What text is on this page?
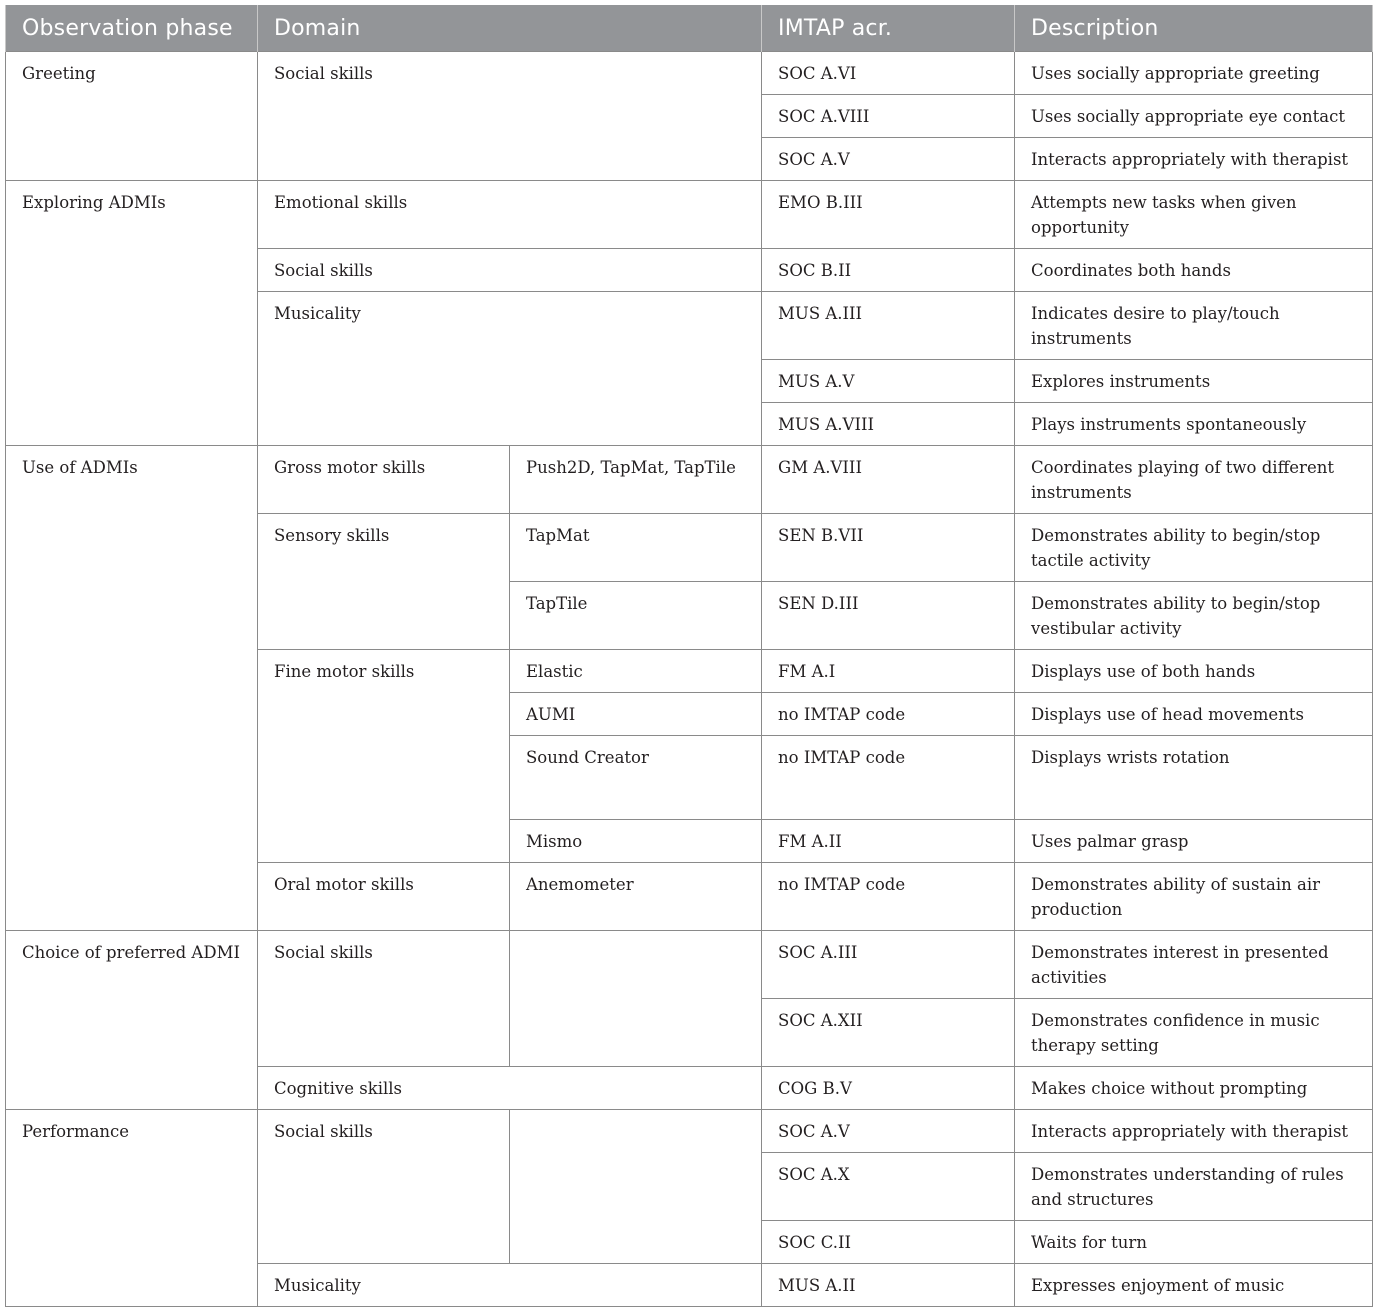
Observation phase	Domain		IMTAP acr.	Description
Greeting	Social skills		SOC A.VI	Uses socially appropriate greeting
			SOC A.VIII	Uses socially appropriate eye contact
			SOC A.V	Interacts appropriately with therapist
Exploring ADMIs	Emotional skills		EMO B.III	Attempts new tasks when given opportunity
	Social skills		SOC B.II	Coordinates both hands
	Musicality		MUS A.III	Indicates desire to play/touch instruments
			MUS A.V	Explores instruments
			MUS A.VIII	Plays instruments spontaneously
Use of ADMIs	Gross motor skills	Push2D, TapMat, TapTile	GM A.VIII	Coordinates playing of two different instruments
	Sensory skills	TapMat	SEN B.VII	Demonstrates ability to begin/stop tactile activity
		TapTile	SEN D.III	Demonstrates ability to begin/stop vestibular activity
	Fine motor skills	Elastic	FM A.I	Displays use of both hands
		AUMI	no IMTAP code	Displays use of head movements
		Sound Creator	no IMTAP code	Displays wrists rotation
		Mismo	FM A.II	Uses palmar grasp
	Oral motor skills	Anemometer	no IMTAP code	Demonstrates ability of sustain air production
Choice of preferred ADMI	Social skills		SOC A.III	Demonstrates interest in presented activities
			SOC A.XII	Demonstrates confidence in music therapy setting
	Cognitive skills		COG B.V	Makes choice without prompting
Performance	Social skills		SOC A.V	Interacts appropriately with therapist
			SOC A.X	Demonstrates understanding of rules and structures
			SOC C.II	Waits for turn
	Musicality		MUS A.II	Expresses enjoyment of music
